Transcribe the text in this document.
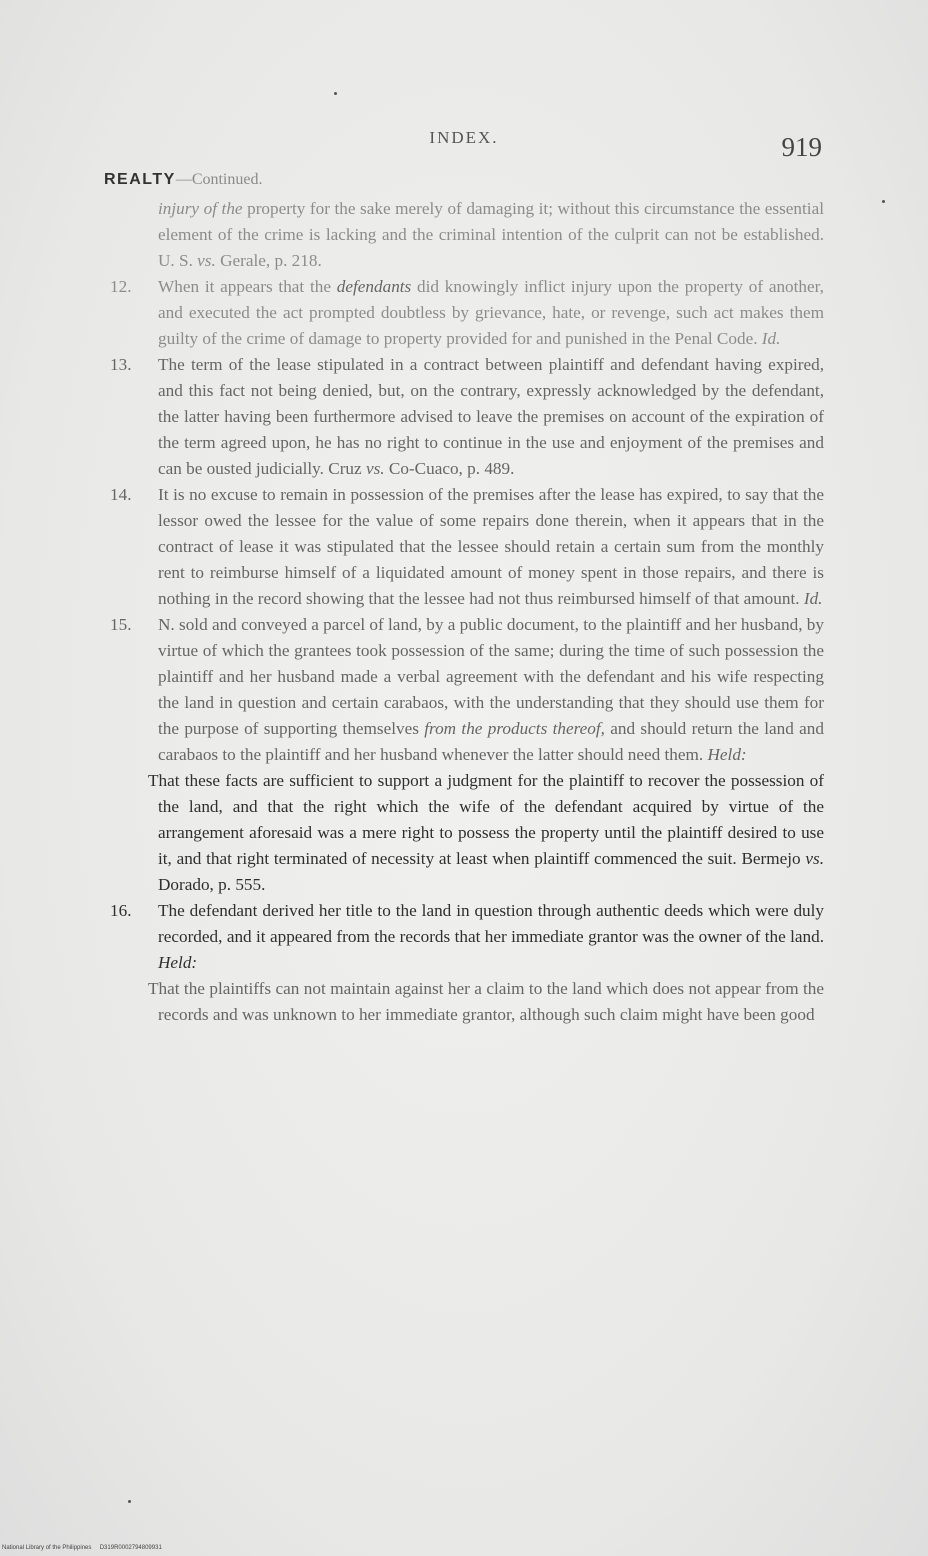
INDEX.	919
REALTY—Continued.

injury of the property for the sake merely of damaging it; without this circumstance the essential element of the crime is lacking and the criminal intention of the culprit can not be established. U. S. vs. Gerale, p. 218.

12. When it appears that the defendants did knowingly inflict injury upon the property of another, and executed the act prompted doubtless by grievance, hate, or revenge, such act makes them guilty of the crime of damage to property provided for and punished in the Penal Code. Id.

13. The term of the lease stipulated in a contract between plaintiff and defendant having expired, and this fact not being denied, but, on the contrary, expressly acknowledged by the defendant, the latter having been furthermore advised to leave the premises on account of the expiration of the term agreed upon, he has no right to continue in the use and enjoyment of the premises and can be ousted judicially. Cruz vs. Co-Cuaco, p. 489.

14. It is no excuse to remain in possession of the premises after the lease has expired, to say that the lessor owed the lessee for the value of some repairs done therein, when it appears that in the contract of lease it was stipulated that the lessee should retain a certain sum from the monthly rent to reimburse himself of a liquidated amount of money spent in those repairs, and there is nothing in the record showing that the lessee had not thus reimbursed himself of that amount. Id.

15. N. sold and conveyed a parcel of land, by a public document, to the plaintiff and her husband, by virtue of which the grantees took possession of the same; during the time of such possession the plaintiff and her husband made a verbal agreement with the defendant and his wife respecting the land in question and certain carabaos, with the understanding that they should use them for the purpose of supporting themselves from the products thereof, and should return the land and carabaos to the plaintiff and her husband whenever the latter should need them. Held:

That these facts are sufficient to support a judgment for the plaintiff to recover the possession of the land, and that the right which the wife of the defendant acquired by virtue of the arrangement aforesaid was a mere right to possess the property until the plaintiff desired to use it, and that right terminated of necessity at least when plaintiff commenced the suit. Bermejo vs. Dorado, p. 555.

16. The defendant derived her title to the land in question through authentic deeds which were duly recorded, and it appeared from the records that her immediate grantor was the owner of the land. Held:

That the plaintiffs can not maintain against her a claim to the land which does not appear from the records and was unknown to her immediate grantor, although such claim might have been good

National Library of the Philippines     D319R0002794809931
